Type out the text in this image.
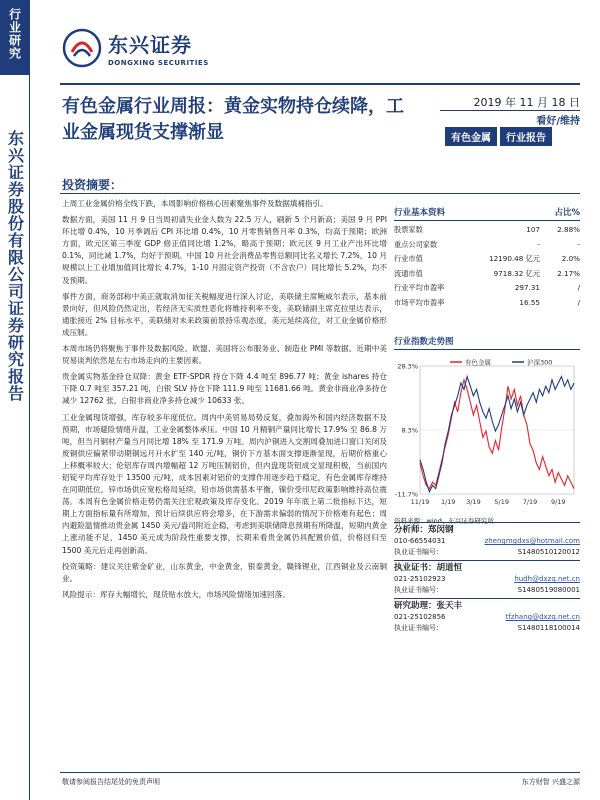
行业研究
东兴证券股份有限公司证券研究报告
东兴证券
DONGXING SECURITIES
有色金属行业周报：黄金实物持仓续降，工业金属现货支撑渐显
2019 年 11 月 18 日
看好/维持
有色金属	行业报告
投资摘要：

上周工业金属价格全线下跌，本周影响价格核心因素聚焦事件及数据填補指引。

数据方面，美国 11 月 9 日当周初请失业金人数为 22.5 万人，刷新 5 个月新高；美国 9 月 PPI 环比增 0.4%，10 月季调后 CPI 环比增 0.4%，10 月零售销售月率 0.3%，均高于预期；欧洲方面，欧元区第三季度 GDP 修正值同比增 1.2%，略高于预期；欧元区 9 月工业产出环比增 0.1%，同比减 1.7%，均好于预期。中国 10 月社会消费品零售总额同比名义增长 7.2%，10 月规模以上工业增加值同比增长 4.7%，1-10 月固定资产投资（不含农户）同比增长 5.2%，均不及预期。

事件方面，商务部称中美正就取消加征关税幅度进行深入讨论，美联储主席鲍威尔表示，基本前景向好，但风险仍然定出，若经济无实质性恶化将维持利率不变，美联储副主席克拉里达表示，通胀接近 2% 目标水平，美联储对未来政策前景持乐观态度，美元延续高位，对工业金属价格形成压制。

本周市场仍将聚焦于事件及数据风险。欧盟、美国将公布服务业、制造业 PMI 等数据。近期中美贸易谈判依然是左右市场走向的主要因素。

贵金属实物基金持仓双降：黄金 ETF-SPDR 持仓下降 4.4 吨至 896.77 吨；黄金 ishares 持仓下降 0.7 吨至 357.21 吨，白银 SLV 持仓下降 111.9 吨至 11681.66 吨。黄金非商业净多持仓减少 12762 张，白银非商业净多持仓减少 10633 张。

工业金属现货增强，库存较多年度低位。周内中美贸易局势反复，叠加海外和国内经济数据不及预期，市场避险情绪升温，工业金属整体承压。中国 10 月精铜产量同比增长 17.9% 至 86.8 万吨，但当月铜材产量当月同比增 18% 至 171.9 万吨。周内沪铜进入交割周叠加进口窗口关闭及废铜供应偏紧带动期铜远月升水扩至 140 元/吨，铜价下方基本面支撑逐渐显现，后期价格重心上移概率较大；伦铝库存周内增幅超 12 万吨压制铝价，但内盘现货铝成交显现积极，当前国内铝锭平均库存处于 13500 元/吨，成本因素对铝价的支撑作用逐步趋于稳定，有色金属库存维持在同期低位，锌市场供应宽松格局延续，铅市场供需基本平衡，镍价受印尼政策影响维持高位震荡。本周有色金属价格走势仍需关注宏观政策及库存变化。2019 年年底上第二批指标下达，短期上方面指标量有所增加，预计后续供应将会增多，在下游需求偏弱的情况下价格难有起色；周内避险温情推动贵金属 1450 美元/盎司附近企稳，考虑到美联储降息预期有所降温，短期内黄金上涨动能不足，1450 美元成为阶段性重要支撑，长期来看贵金属仍具配置价值，价格回归至 1500 美元后走再创新高。

投资策略：建议关注紫金矿业，山东黄金，中金黄金，银泰黄金，赣锋锂业，江西铜业及云南铜业。

风险提示：库存大幅增长，现货贴水放大，市场风险情绪加速回落。

行业基本资料	占比%
股票家数	107	2.88%
重点公司家数	-	-
行业市值	12190.48 亿元	2.0%
流通市值	9718.32 亿元	2.17%
行业平均市盈率	297.31	/
市场平均市盈率	16.55	/
行业指数走势图
28.3%
8.3%
-11.7%
11/19 1/19 3/19 5/19 7/19 9/19
有色金属	沪深300
资料来源：wind、东兴证券研究所
分析师：郑闵钢
010-66554031	zhengmgdxs@hotmail.com
执业证书编号：	S1480510120012
执业证书：胡道恒
021-25102923	hudh@dxzq.net.cn
执业证书编号：	S1480519080001
研究助理：张天丰
021-25102856	tfzhang@dxzq.net.cn
执业证书编号：	S1480118100014
敬请参阅报告结尾处的免责声明	东方财智 兴盛之源
